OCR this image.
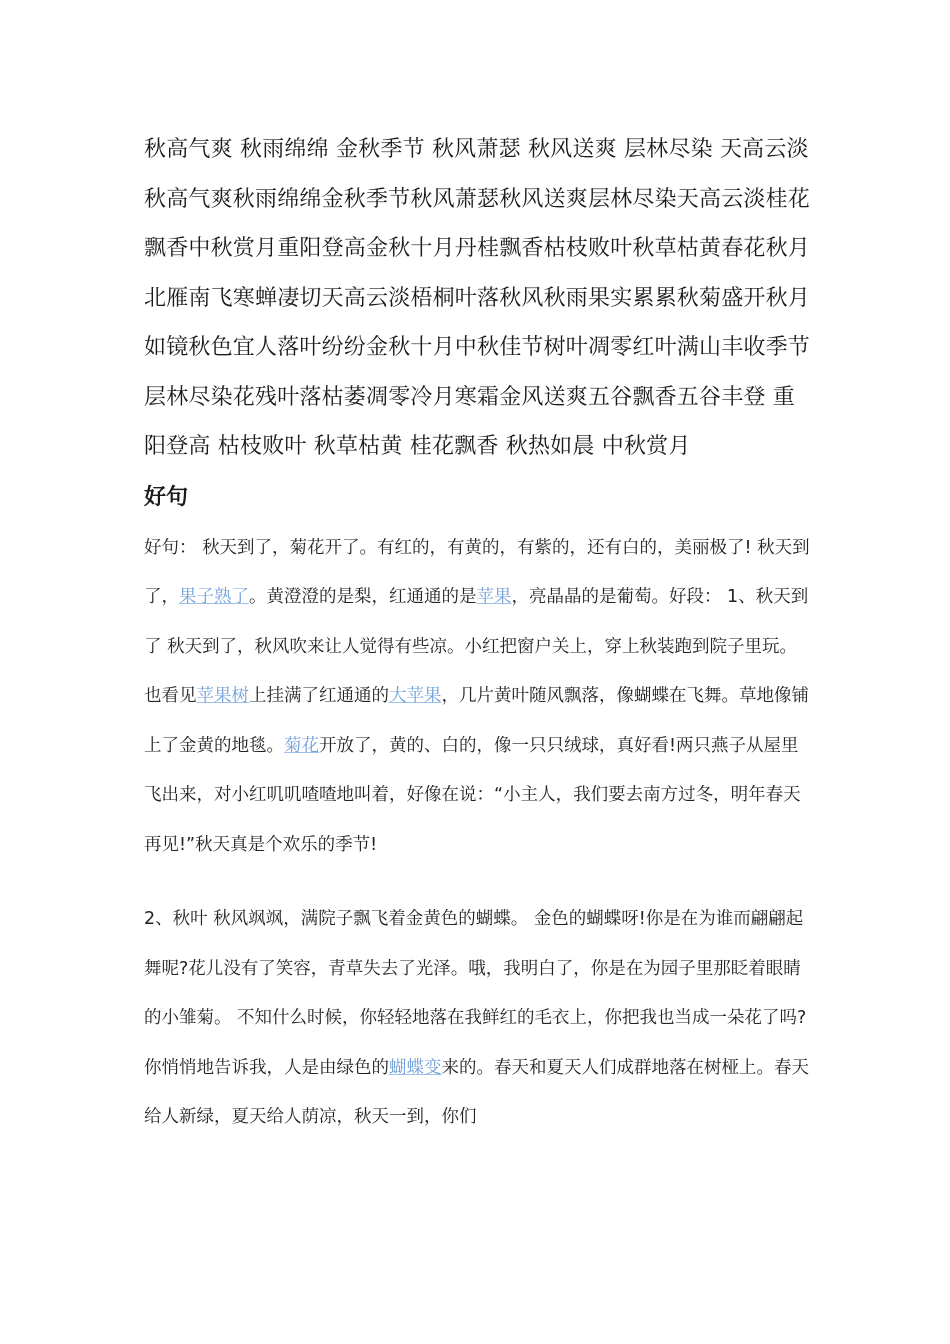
秋高气爽 秋雨绵绵 金秋季节 秋风萧瑟 秋风送爽 层林尽染 天高云淡 秋高气爽秋雨绵绵金秋季节秋风萧瑟秋风送爽层林尽染天高云淡桂花飘香中秋赏月重阳登高金秋十月丹桂飘香枯枝败叶秋草枯黄春花秋月北雁南飞寒蝉凄切天高云淡梧桐叶落秋风秋雨果实累累秋菊盛开秋月如镜秋色宜人落叶纷纷金秋十月中秋佳节树叶凋零红叶满山丰收季节层林尽染花残叶落枯萎凋零冷月寒霜金风送爽五谷飘香五谷丰登 重阳登高 枯枝败叶 秋草枯黄 桂花飘香 秋热如晨 中秋赏月

好句

好句： 秋天到了，菊花开了。有红的，有黄的，有紫的，还有白的，美丽极了! 秋天到了，果子熟了。黄澄澄的是梨，红通通的是苹果，亮晶晶的是葡萄。好段： 1、秋天到了 秋天到了，秋风吹来让人觉得有些凉。小红把窗户关上，穿上秋装跑到院子里玩。也看见苹果树上挂满了红通通的大苹果，几片黄叶随风飘落，像蝴蝶在飞舞。草地像铺上了金黄的地毯。菊花开放了，黄的、白的，像一只只绒球，真好看!两只燕子从屋里飞出来，对小红叽叽喳喳地叫着，好像在说：“小主人，我们要去南方过冬，明年春天再见!”秋天真是个欢乐的季节!

2、秋叶 秋风飒飒，满院子飘飞着金黄色的蝴蝶。 金色的蝴蝶呀!你是在为谁而翩翩起舞呢?花儿没有了笑容，青草失去了光泽。哦，我明白了，你是在为园子里那眨着眼睛的小雏菊。 不知什么时候，你轻轻地落在我鲜红的毛衣上，你把我也当成一朵花了吗? 你悄悄地告诉我，人是由绿色的蝴蝶变来的。春天和夏天人们成群地落在树桠上。春天给人新绿，夏天给人荫凉，秋天一到，你们
